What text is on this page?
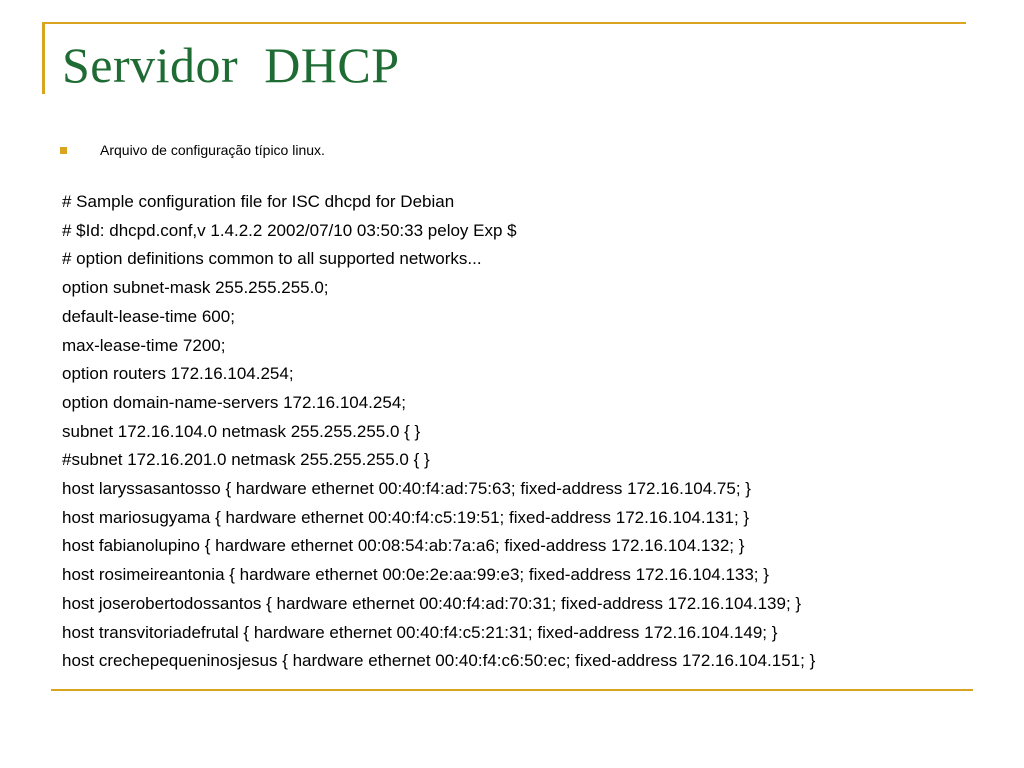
Servidor  DHCP
Arquivo de configuração típico linux.
# Sample configuration file for ISC dhcpd for Debian
# $Id: dhcpd.conf,v 1.4.2.2 2002/07/10 03:50:33 peloy Exp $
# option definitions common to all supported networks...
option subnet-mask 255.255.255.0;
default-lease-time 600;
max-lease-time 7200;
option routers 172.16.104.254;
option domain-name-servers 172.16.104.254;
subnet 172.16.104.0 netmask 255.255.255.0 { }
#subnet 172.16.201.0 netmask 255.255.255.0 { }
host laryssasantosso { hardware ethernet 00:40:f4:ad:75:63; fixed-address 172.16.104.75; }
host mariosugyama { hardware ethernet 00:40:f4:c5:19:51; fixed-address 172.16.104.131; }
host fabianolupino { hardware ethernet 00:08:54:ab:7a:a6; fixed-address 172.16.104.132; }
host rosimeireantonia { hardware ethernet 00:0e:2e:aa:99:e3; fixed-address 172.16.104.133; }
host joserobertodossantos { hardware ethernet 00:40:f4:ad:70:31; fixed-address 172.16.104.139; }
host transvitoriadefrutal { hardware ethernet 00:40:f4:c5:21:31; fixed-address 172.16.104.149; }
host crechepequeninosjesus { hardware ethernet 00:40:f4:c6:50:ec; fixed-address 172.16.104.151; }
